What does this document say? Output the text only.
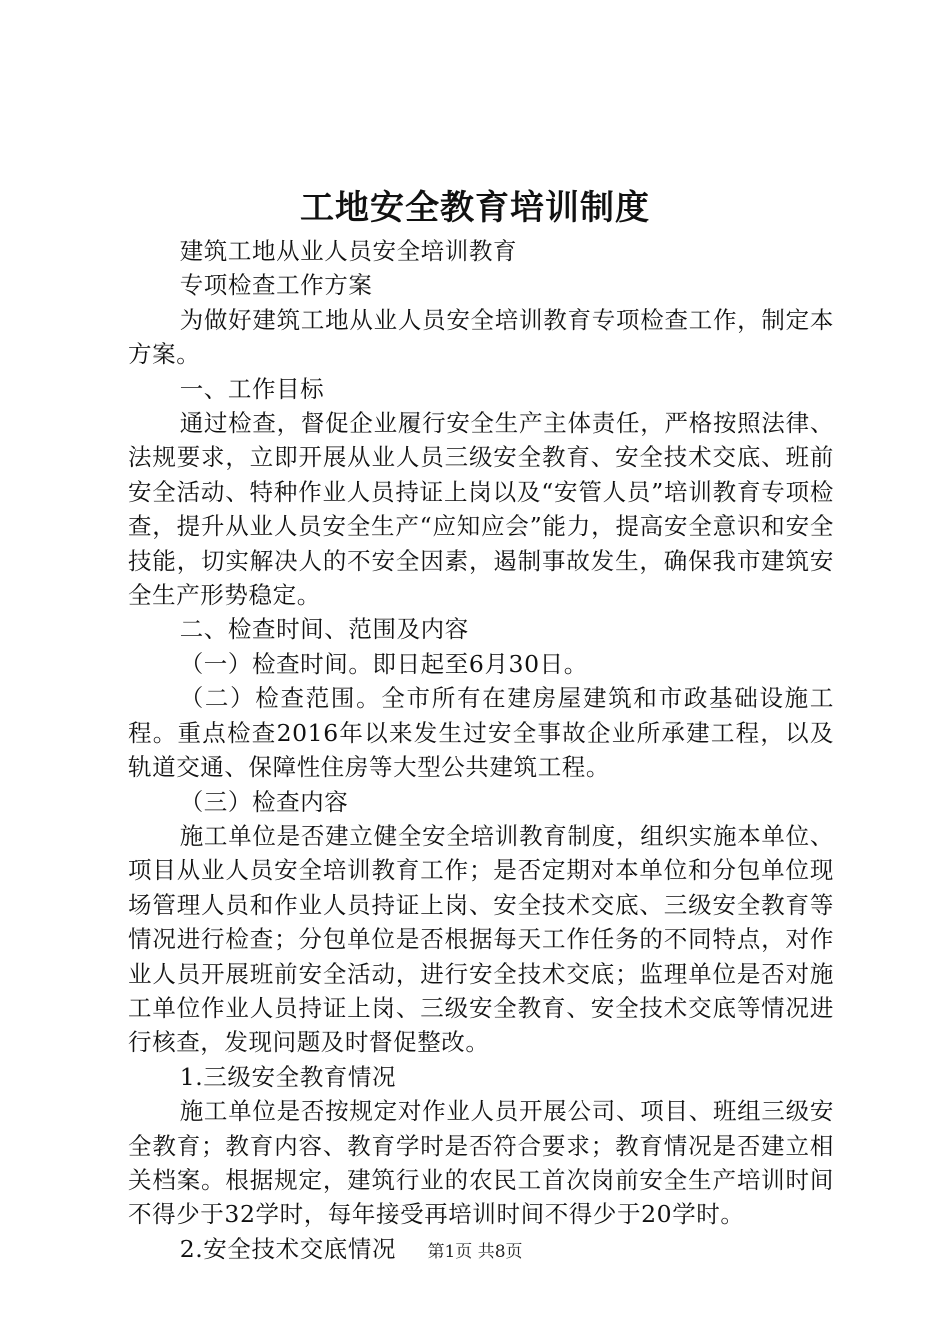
工地安全教育培训制度

建筑工地从业人员安全培训教育

专项检查工作方案

为做好建筑工地从业人员安全培训教育专项检查工作，制定本方案。

一、工作目标

通过检查，督促企业履行安全生产主体责任，严格按照法律、法规要求，立即开展从业人员三级安全教育、安全技术交底、班前安全活动、特种作业人员持证上岗以及“安管人员”培训教育专项检查，提升从业人员安全生产“应知应会”能力，提高安全意识和安全技能，切实解决人的不安全因素，遏制事故发生，确保我市建筑安全生产形势稳定。

二、检查时间、范围及内容

（一）检查时间。即日起至6月30日。

（二）检查范围。全市所有在建房屋建筑和市政基础设施工程。重点检查2016年以来发生过安全事故企业所承建工程，以及轨道交通、保障性住房等大型公共建筑工程。

（三）检查内容

施工单位是否建立健全安全培训教育制度，组织实施本单位、项目从业人员安全培训教育工作；是否定期对本单位和分包单位现场管理人员和作业人员持证上岗、安全技术交底、三级安全教育等情况进行检查；分包单位是否根据每天工作任务的不同特点，对作业人员开展班前安全活动，进行安全技术交底；监理单位是否对施工单位作业人员持证上岗、三级安全教育、安全技术交底等情况进行核查，发现问题及时督促整改。

1.三级安全教育情况

施工单位是否按规定对作业人员开展公司、项目、班组三级安全教育；教育内容、教育学时是否符合要求；教育情况是否建立相关档案。根据规定，建筑行业的农民工首次岗前安全生产培训时间不得少于32学时，每年接受再培训时间不得少于20学时。

2.安全技术交底情况	第1页 共8页
